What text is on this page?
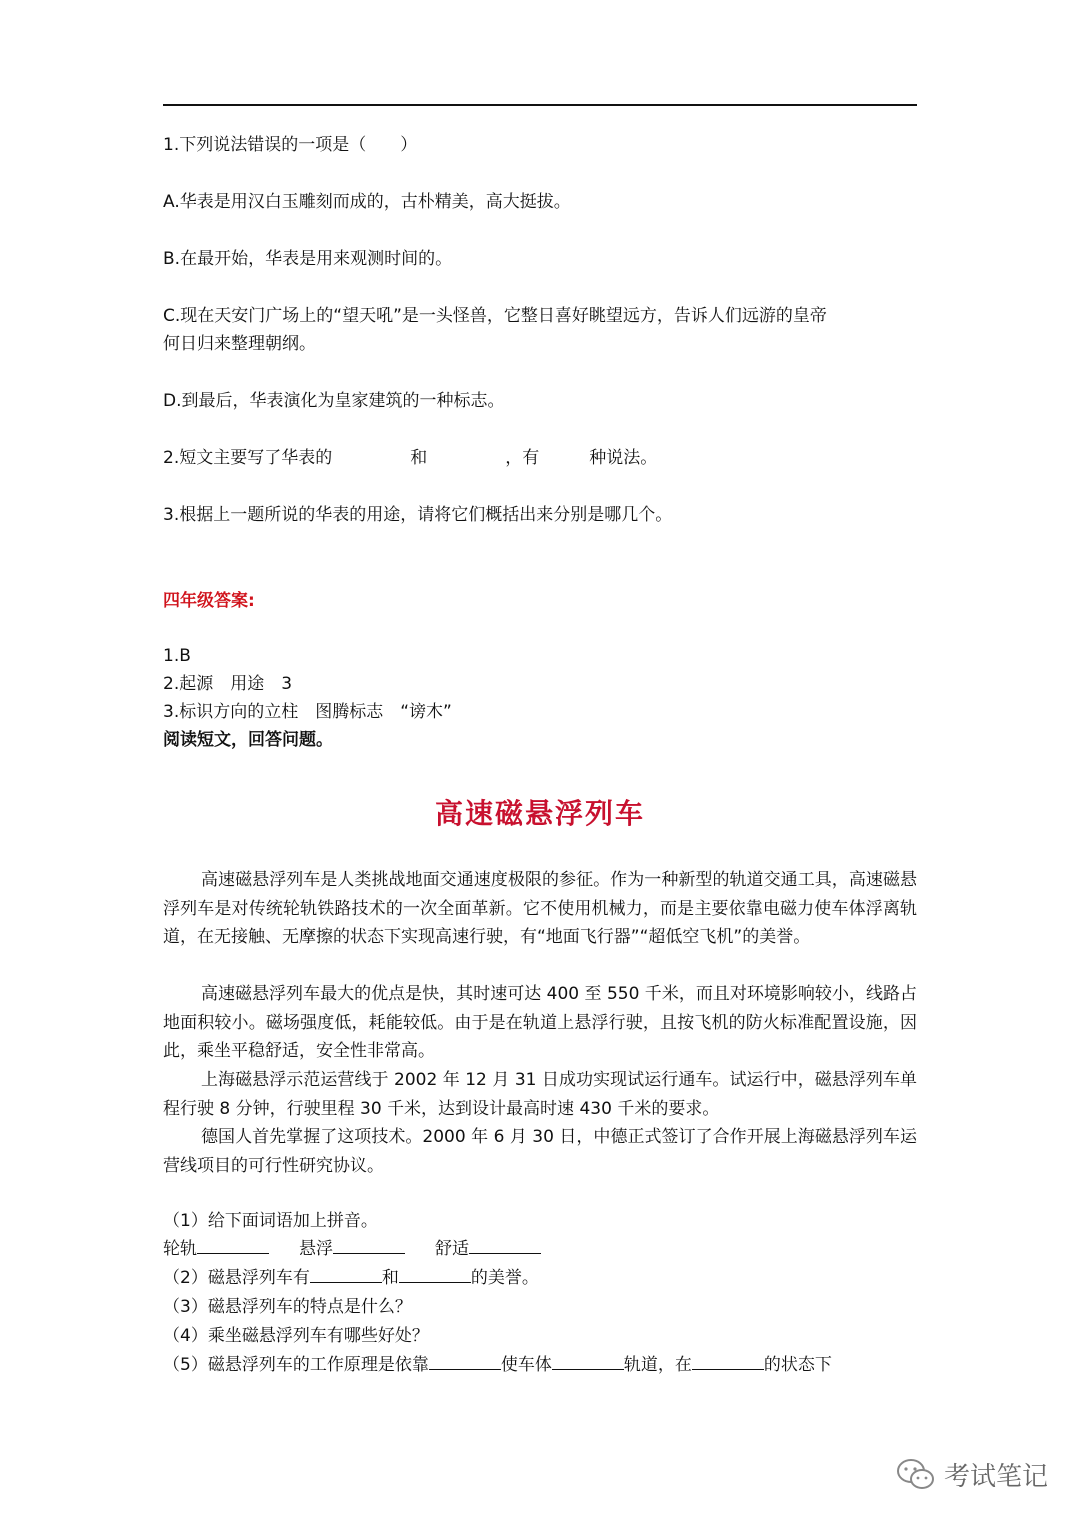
1.下列说法错误的一项是（　　）
A.华表是用汉白玉雕刻而成的，古朴精美，高大挺拔。
B.在最开始，华表是用来观测时间的。
C.现在天安门广场上的“望天吼”是一头怪兽，它整日喜好眺望远方，告诉人们远游的皇帝
何日归来整理朝纲。
D.到最后，华表演化为皇家建筑的一种标志。
2.短文主要写了华表的	和	，有	种说法。
3.根据上一题所说的华表的用途，请将它们概括出来分别是哪几个。
四年级答案:
1.B
2.起源　用途　3
3.标识方向的立柱　图腾标志　“谤木”
阅读短文，回答问题。
高速磁悬浮列车

高速磁悬浮列车是人类挑战地面交通速度极限的参征。作为一种新型的轨道交通工具，高速磁悬浮列车是对传统轮轨铁路技术的一次全面革新。它不使用机械力，而是主要依靠电磁力使车体浮离轨道，在无接触、无摩擦的状态下实现高速行驶，有“地面飞行器”“超低空飞机”的美誉。

高速磁悬浮列车最大的优点是快，其时速可达 400 至 550 千米，而且对环境影响较小，线路占地面积较小。磁场强度低，耗能较低。由于是在轨道上悬浮行驶，且按飞机的防火标准配置设施，因此，乘坐平稳舒适，安全性非常高。

上海磁悬浮示范运营线于 2002 年 12 月 31 日成功实现试运行通车。试运行中，磁悬浮列车单程行驶 8 分钟，行驶里程 30 千米，达到设计最高时速 430 千米的要求。

德国人首先掌握了这项技术。2000 年 6 月 30 日，中德正式签订了合作开展上海磁悬浮列车运营线项目的可行性研究协议。

（1）给下面词语加上拼音。
轮轨	悬浮	舒适
（2）磁悬浮列车有	和	的美誉。
（3）磁悬浮列车的特点是什么？
（4）乘坐磁悬浮列车有哪些好处？
（5）磁悬浮列车的工作原理是依靠	使车体	轨道，在	的状态下
考试笔记
